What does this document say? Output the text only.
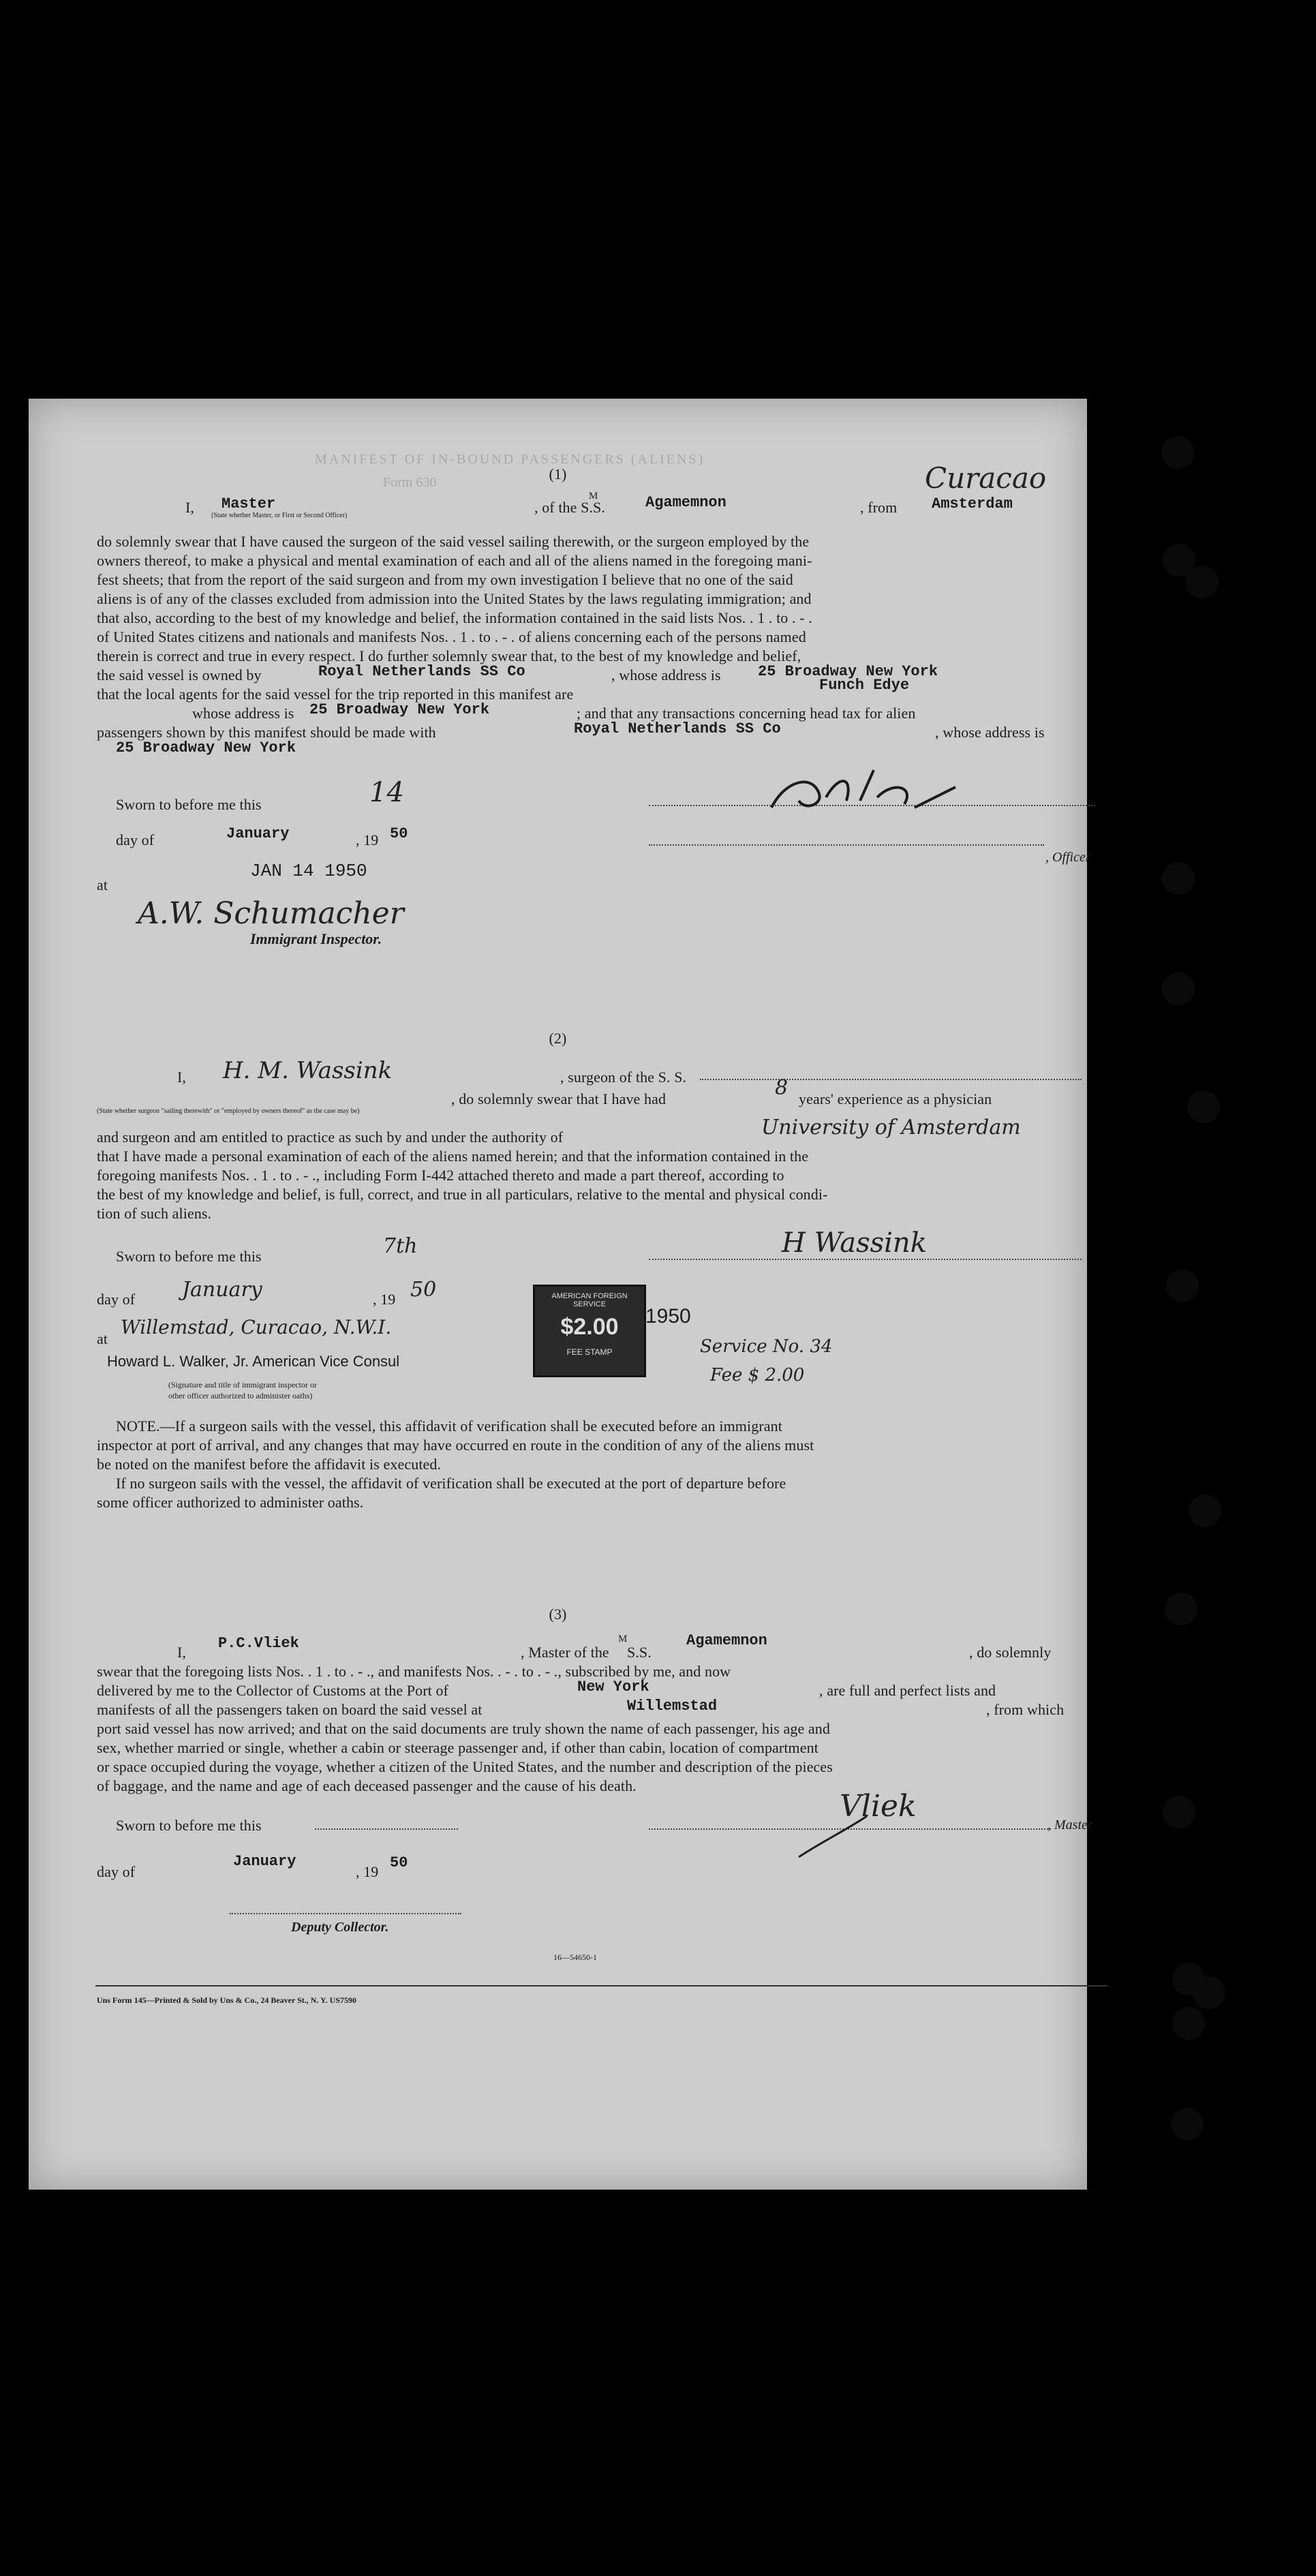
MANIFEST OF IN-BOUND PASSENGERS (ALIENS)
Form 630	(1)
I, Master
(State whether Master, or First or Second Officer)	, of the S.S.
M	Agamemnon	, from Amsterdam
Curacao
do solemnly swear that I have caused the surgeon of the said vessel sailing therewith, or the surgeon employed by the
owners thereof, to make a physical and mental examination of each and all of the aliens named in the foregoing mani-
fest sheets; that from the report of the said surgeon and from my own investigation I believe that no one of the said
aliens is of any of the classes excluded from admission into the United States by the laws regulating immigration; and
that also, according to the best of my knowledge and belief, the information contained in the said lists Nos. . 1 . to . - .
of United States citizens and nationals and manifests Nos. . 1 . to . - . of aliens concerning each of the persons named
therein is correct and true in every respect. I do further solemnly swear that, to the best of my knowledge and belief,
the said vessel is owned by	Royal Netherlands SS Co	, whose address is 25 Broadway New York
that the local agents for the said vessel for the trip reported in this manifest are
Funch Edye
whose address is 25 Broadway New York	; and that any transactions concerning head tax for alien
passengers shown by this manifest should be made with	Royal Netherlands SS Co	, whose address is
25 Broadway New York
Sworn to before me this	14
day of	January	, 19 50
, Officer
at
JAN 14 1950
A.W. Schumacher
Immigrant Inspector.
(2)
I, H. M. Wassink	, surgeon of the S. S.
, do solemnly swear that I have had	8 years' experience as a physician
(State whether surgeon "sailing therewith" or "employed by owners thereof" as the case may be)
and surgeon and am entitled to practice as such by and under the authority of	University of Amsterdam
that I have made a personal examination of each of the aliens named herein; and that the information contained in the
foregoing manifests Nos. . 1 . to . - ., including Form I-442 attached thereto and made a part thereof, according to
the best of my knowledge and belief, is full, correct, and true in all particulars, relative to the mental and physical condi-
tion of such aliens.
Sworn to before me this	7th	H Wassink
day of January	, 19 50
at
Willemstad, Curacao, N.W.I.
AMERICAN FOREIGN SERVICE
$2.00
FEE STAMP
1950
Service No. 34
Fee $ 2.00
Howard L. Walker, Jr. American Vice Consul
(Signature and title of immigrant inspector or
other officer authorized to administer oaths)
NOTE.—If a surgeon sails with the vessel, this affidavit of verification shall be executed before an immigrant
inspector at port of arrival, and any changes that may have occurred en route in the condition of any of the aliens must
be noted on the manifest before the affidavit is executed.
If no surgeon sails with the vessel, the affidavit of verification shall be executed at the port of departure before
some officer authorized to administer oaths.
(3)
I,
P.C.Vliek
, Master of the
M
S.S.
Agamemnon
, do solemnly
swear that the foregoing lists Nos. . 1 . to . - ., and manifests Nos. . - . to . - ., subscribed by me, and now
delivered by me to the Collector of Customs at the Port of	New York	, are full and perfect lists and
manifests of all the passengers taken on board the said vessel at	Willemstad	, from which
port said vessel has now arrived; and that on the said documents are truly shown the name of each passenger, his age and
sex, whether married or single, whether a cabin or steerage passenger and, if other than cabin, location of compartment
or space occupied during the voyage, whether a citizen of the United States, and the number and description of the pieces
of baggage, and the name and age of each deceased passenger and the cause of his death.
Sworn to before me this	, Master
Vliek
day of
January
, 19
50
Deputy Collector.
16—54650-1
Uns Form 145—Printed & Sold by Uns & Co., 24 Beaver St., N. Y. US7590
